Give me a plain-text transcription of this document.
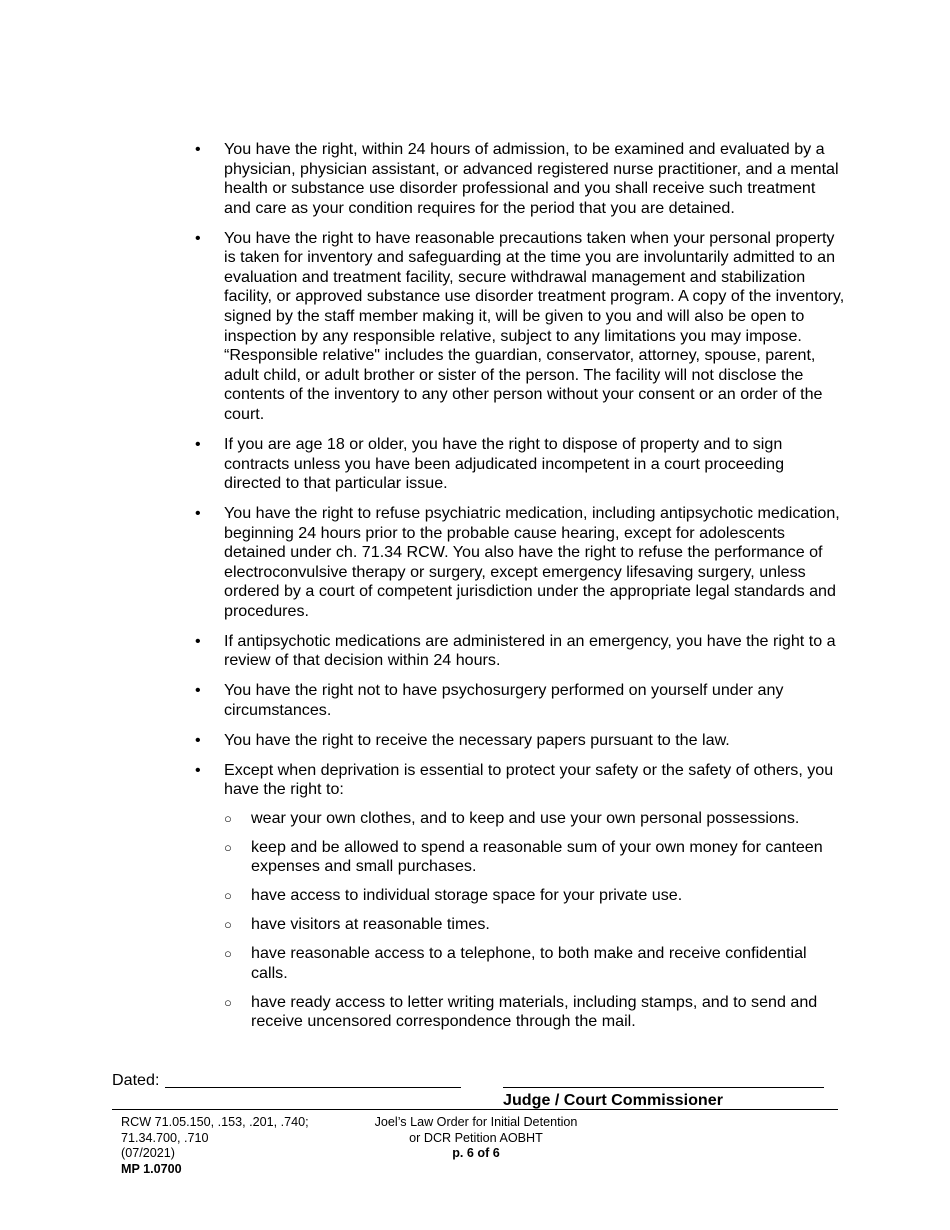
• You have the right, within 24 hours of admission, to be examined and evaluated by a physician, physician assistant, or advanced registered nurse practitioner, and a mental health or substance use disorder professional and you shall receive such treatment and care as your condition requires for the period that you are detained.
• You have the right to have reasonable precautions taken when your personal property is taken for inventory and safeguarding at the time you are involuntarily admitted to an evaluation and treatment facility, secure withdrawal management and stabilization facility, or approved substance use disorder treatment program. A copy of the inventory, signed by the staff member making it, will be given to you and will also be open to inspection by any responsible relative, subject to any limitations you may impose. “Responsible relative" includes the guardian, conservator, attorney, spouse, parent, adult child, or adult brother or sister of the person. The facility will not disclose the contents of the inventory to any other person without your consent or an order of the court.
• If you are age 18 or older, you have the right to dispose of property and to sign contracts unless you have been adjudicated incompetent in a court proceeding directed to that particular issue.
• You have the right to refuse psychiatric medication, including antipsychotic medication, beginning 24 hours prior to the probable cause hearing, except for adolescents detained under ch. 71.34 RCW. You also have the right to refuse the performance of electroconvulsive therapy or surgery, except emergency lifesaving surgery, unless ordered by a court of competent jurisdiction under the appropriate legal standards and procedures.
• If antipsychotic medications are administered in an emergency, you have the right to a review of that decision within 24 hours.
• You have the right not to have psychosurgery performed on yourself under any circumstances.
• You have the right to receive the necessary papers pursuant to the law.
• Except when deprivation is essential to protect your safety or the safety of others, you have the right to:
○ wear your own clothes, and to keep and use your own personal possessions.
○ keep and be allowed to spend a reasonable sum of your own money for canteen expenses and small purchases.
○ have access to individual storage space for your private use.
○ have visitors at reasonable times.
○ have reasonable access to a telephone, to both make and receive confidential calls.
○ have ready access to letter writing materials, including stamps, and to send and receive uncensored correspondence through the mail.
Dated:
Judge / Court Commissioner
RCW 71.05.150, .153, .201, .740;
71.34.700, .710
(07/2021)
MP 1.0700
Joel’s Law Order for Initial Detention
or DCR Petition AOBHT
p. 6 of 6
